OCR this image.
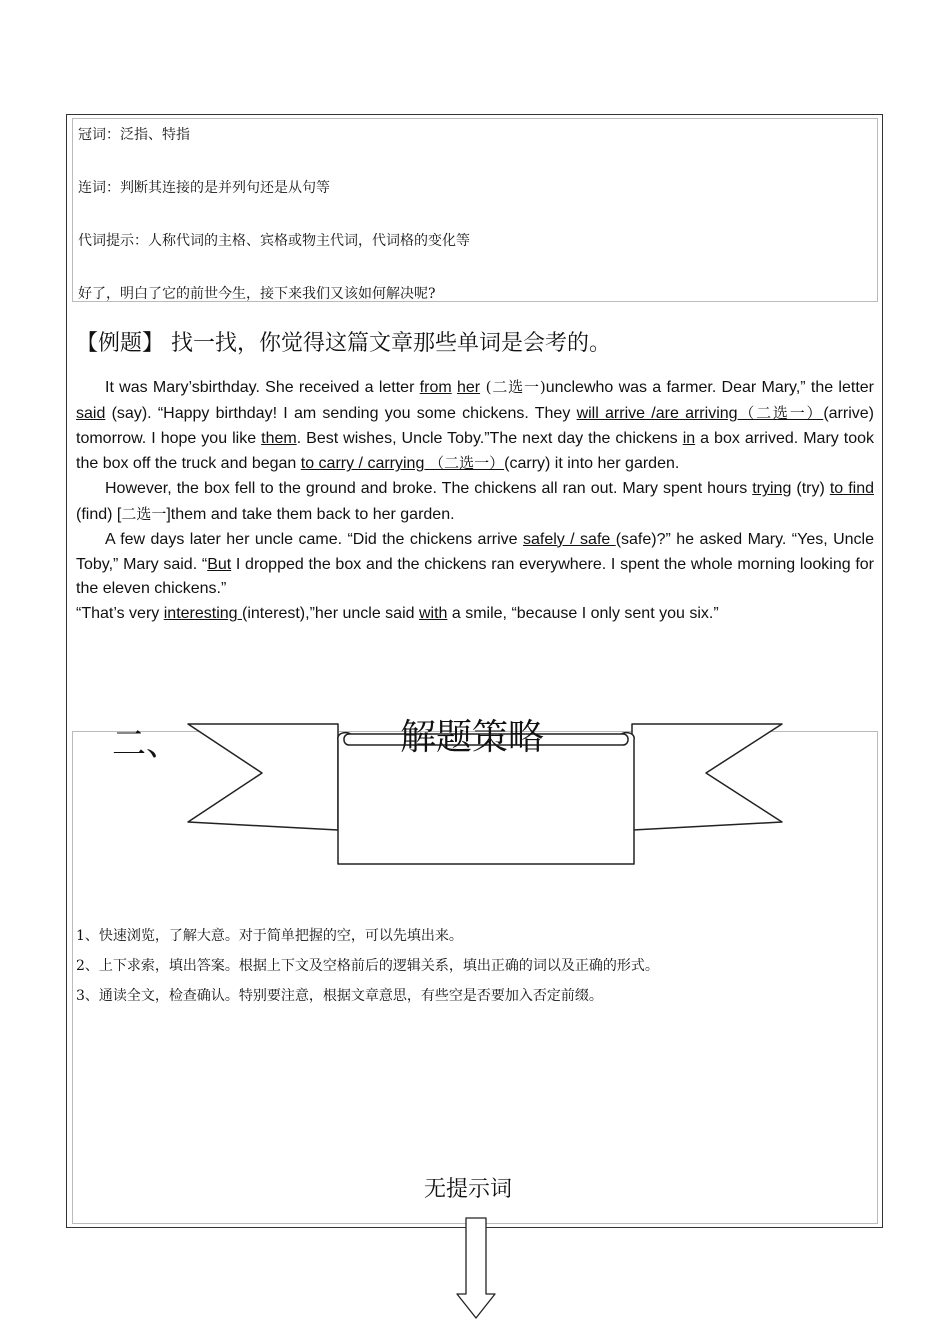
冠词：泛指、特指
连词：判断其连接的是并列句还是从句等
代词提示：人称代词的主格、宾格或物主代词，代词格的变化等
好了，明白了它的前世今生，接下来我们又该如何解决呢?
【例题】 找一找，你觉得这篇文章那些单词是会考的。

It was Mary’sbirthday. She received a letter from her (二选一)unclewho was a farmer. Dear Mary,” the letter said (say). “Happy birthday! I am sending you some chickens. They will arrive /are arriving（二选一）(arrive) tomorrow. I hope you like them. Best wishes, Uncle Toby.”The next day the chickens in a box arrived. Mary took the box off the truck and began to carry / carrying （二选一）(carry) it into her garden.

However, the box fell to the ground and broke. The chickens all ran out. Mary spent hours trying (try) to find (find) [二选一]them and take them back to her garden.

A few days later her uncle came. “Did the chickens arrive safely / safe (safe)?” he asked Mary. “Yes, Uncle Toby,” Mary said. “But I dropped the box and the chickens ran everywhere. I spent the whole morning looking for the eleven chickens.”

“That’s very interesting (interest),”her uncle said with a smile, “because I only sent you six.”

二、	解题策略
1、快速浏览，了解大意。对于简单把握的空，可以先填出来。
2、上下求索，填出答案。根据上下文及空格前后的逻辑关系，填出正确的词以及正确的形式。
3、通读全文，检查确认。特别要注意，根据文章意思，有些空是否要加入否定前缀。
无提示词
